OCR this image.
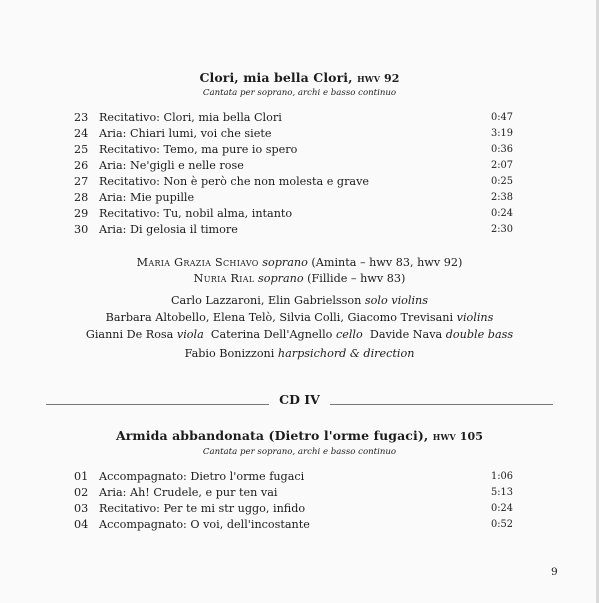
Clori, mia bella Clori, hwv 92
Cantata per soprano, archi e basso continuo
23 Recitativo: Clori, mia bella Clori	0:47
24 Aria: Chiari lumi, voi che siete	3:19
25 Recitativo: Temo, ma pure io spero	0:36
26 Aria: Ne'gigli e nelle rose	2:07
27 Recitativo: Non è però che non molesta e grave	0:25
28 Aria: Mie pupille	2:38
29 Recitativo: Tu, nobil alma, intanto	0:24
30 Aria: Di gelosia il timore	2:30
Maria Grazia Schiavo soprano (Aminta – hwv 83, hwv 92)
Nuria Rial soprano (Fillide – hwv 83)
Carlo Lazzaroni, Elin Gabrielsson solo violins
Barbara Altobello, Elena Telò, Silvia Colli, Giacomo Trevisani violins
Gianni De Rosa viola Caterina Dell'Agnello cello Davide Nava double bass
Fabio Bonizzoni harpsichord & direction
CD IV
Armida abbandonata (Dietro l'orme fugaci), hwv 105
Cantata per soprano, archi e basso continuo
01 Accompagnato: Dietro l'orme fugaci	1:06
02 Aria: Ah! Crudele, e pur ten vai	5:13
03 Recitativo: Per te mi str uggo, infido	0:24
04 Accompagnato: O voi, dell'incostante	0:52
9
